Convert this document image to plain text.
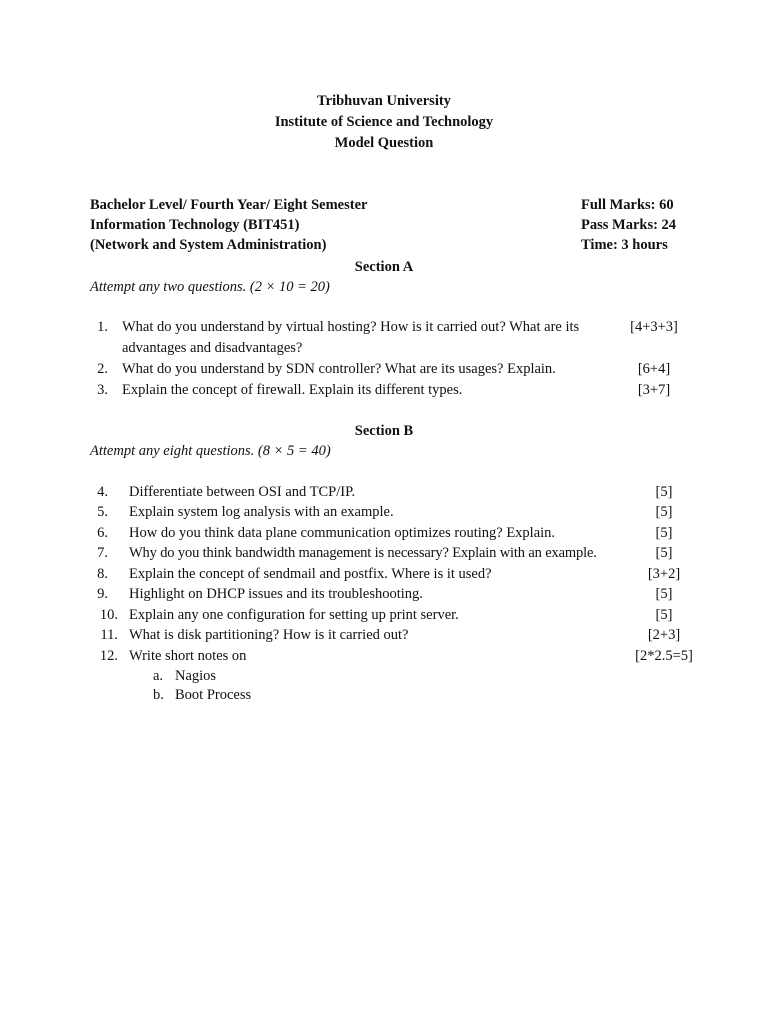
Tribhuvan University
Institute of Science and Technology
Model Question
Bachelor Level/ Fourth Year/ Eight Semester
Information Technology (BIT451)
(Network and System Administration)
Full Marks: 60
Pass Marks: 24
Time: 3 hours
Section A
Attempt any two questions. (2 × 10 = 20)
1. What do you understand by virtual hosting? How is it carried out? What are its
advantages and disadvantages?
[4+3+3]
2. What do you understand by SDN controller? What are its usages? Explain.	[6+4]
3. Explain the concept of firewall. Explain its different types.	[3+7]
Section B
Attempt any eight questions. (8 × 5 = 40)
4. Differentiate between OSI and TCP/IP.	[5]
5. Explain system log analysis with an example.	[5]
6. How do you think data plane communication optimizes routing? Explain.	[5]
7. Why do you think bandwidth management is necessary? Explain with an example.	[5]
8. Explain the concept of sendmail and postfix. Where is it used?	[3+2]
9. Highlight on DHCP issues and its troubleshooting.	[5]
10. Explain any one configuration for setting up print server.	[5]
11. What is disk partitioning? How is it carried out?	[2+3]
12. Write short notes on	[2*2.5=5]
a. Nagios
b. Boot Process
